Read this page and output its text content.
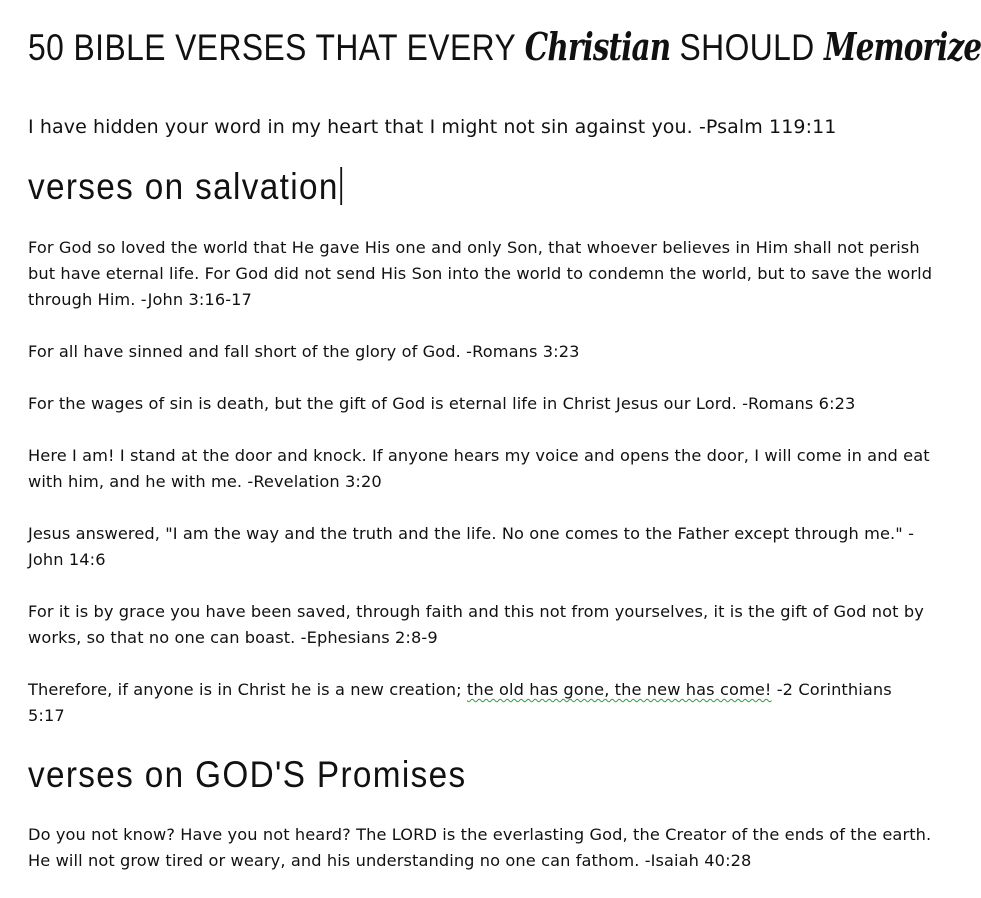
50 BIBLE VERSES THAT EVERY Christian SHOULD Memorize
I have hidden your word in my heart that I might not sin against you. -Psalm 119:11
verses on salvation
For God so loved the world that He gave His one and only Son, that whoever believes in Him shall not perish but have eternal life. For God did not send His Son into the world to condemn the world, but to save the world through Him. -John 3:16-17
For all have sinned and fall short of the glory of God. -Romans 3:23
For the wages of sin is death, but the gift of God is eternal life in Christ Jesus our Lord. -Romans 6:23
Here I am! I stand at the door and knock. If anyone hears my voice and opens the door, I will come in and eat with him, and he with me. -Revelation 3:20
Jesus answered, "I am the way and the truth and the life. No one comes to the Father except through me." -John 14:6
For it is by grace you have been saved, through faith and this not from yourselves, it is the gift of God not by works, so that no one can boast. -Ephesians 2:8-9
Therefore, if anyone is in Christ he is a new creation; the old has gone, the new has come! -2 Corinthians 5:17
verses on GOD'S Promises
Do you not know? Have you not heard? The LORD is the everlasting God, the Creator of the ends of the earth. He will not grow tired or weary, and his understanding no one can fathom. -Isaiah 40:28
